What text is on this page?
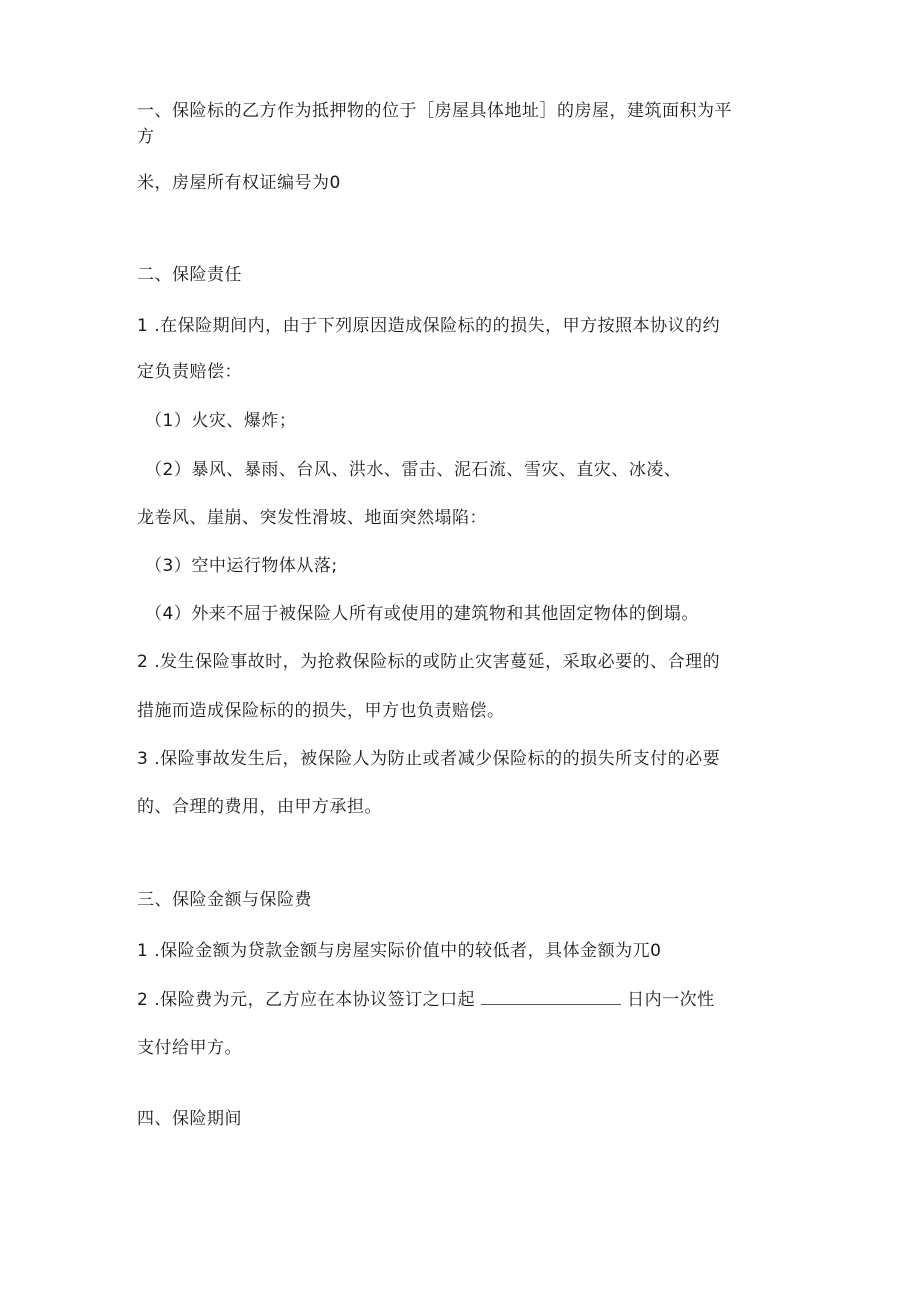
一、保险标的乙方作为抵押物的位于［房屋具体地址］的房屋，建筑面积为平
方
米，房屋所有权证编号为0
二、保险责任
1 .在保险期间内，由于下列原因造成保险标的的损失，甲方按照本协议的约
定负责赔偿：
（1）火灾、爆炸；
（2）暴风、暴雨、台风、洪水、雷击、泥石流、雪灾、直灾、冰凌、
龙卷风、崖崩、突发性滑坡、地面突然塌陷：
（3）空中运行物体从落;
（4）外来不屈于被保险人所有或使用的建筑物和其他固定物体的倒塌。
2 .发生保险事故时，为抢救保险标的或防止灾害蔓延，采取必要的、合理的
措施而造成保险标的的损失，甲方也负责赔偿。
3 .保险事故发生后，被保险人为防止或者减少保险标的的损失所支付的必要
的、合理的费用，由甲方承担。
三、保险金额与保险费
1 .保险金额为贷款金额与房屋实际价值中的较低者，具体金额为兀0
2 .保险费为元，乙方应在本协议签订之口起	日内一次性
支付给甲方。
四、保险期间
